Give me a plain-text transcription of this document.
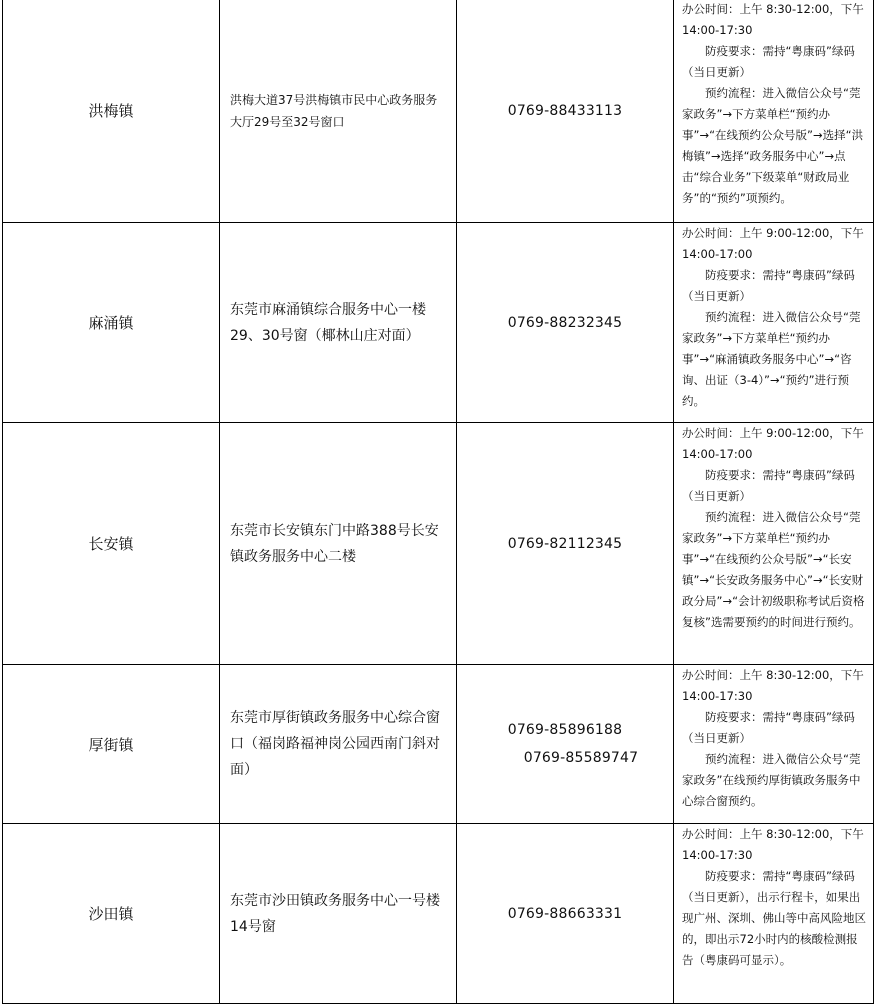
洪梅镇	洪梅大道37号洪梅镇市民中心政务服务大厅29号至32号窗口	0769-88433113	办公时间：上午 8:30-12:00，下午 14:00-17:30
防疫要求：需持“粤康码”绿码（当日更新）
预约流程：进入微信公众号“莞家政务”→下方菜单栏“预约办事”→“在线预约公众号版”→选择“洪梅镇”→选择“政务服务中心”→点击“综合业务”下级菜单“财政局业务”的“预约”项预约。

麻涌镇	东莞市麻涌镇综合服务中心一楼29、30号窗（椰林山庄对面）	0769-88232345	办公时间：上午 9:00-12:00，下午 14:00-17:00
防疫要求：需持“粤康码”绿码（当日更新）
预约流程：进入微信公众号“莞家政务”→下方菜单栏“预约办事”→“麻涌镇政务服务中心”→“咨询、出证（3-4）”→“预约”进行预约。

长安镇	东莞市长安镇东门中路388号长安镇政务服务中心二楼	0769-82112345	办公时间：上午 9:00-12:00，下午 14:00-17:00
防疫要求：需持“粤康码”绿码（当日更新）
预约流程：进入微信公众号“莞家政务”→下方菜单栏“预约办事”→“在线预约公众号版”→“长安镇”→“长安政务服务中心”→“长安财政分局”→“会计初级职称考试后资格复核”选需要预约的时间进行预约。

厚街镇	东莞市厚街镇政务服务中心综合窗口（福岗路福神岗公园西南门斜对面）	0769-85896188
0769-85589747	办公时间：上午 8:30-12:00，下午 14:00-17:30
防疫要求：需持“粤康码”绿码（当日更新）
预约流程：进入微信公众号“莞家政务”在线预约厚街镇政务服务中心综合窗预约。

沙田镇	东莞市沙田镇政务服务中心一号楼14号窗	0769-88663331	办公时间：上午 8:30-12:00，下午 14:00-17:30
防疫要求：需持“粤康码”绿码（当日更新），出示行程卡，如果出现广州、深圳、佛山等中高风险地区的，即出示72小时内的核酸检测报告（粤康码可显示）。
